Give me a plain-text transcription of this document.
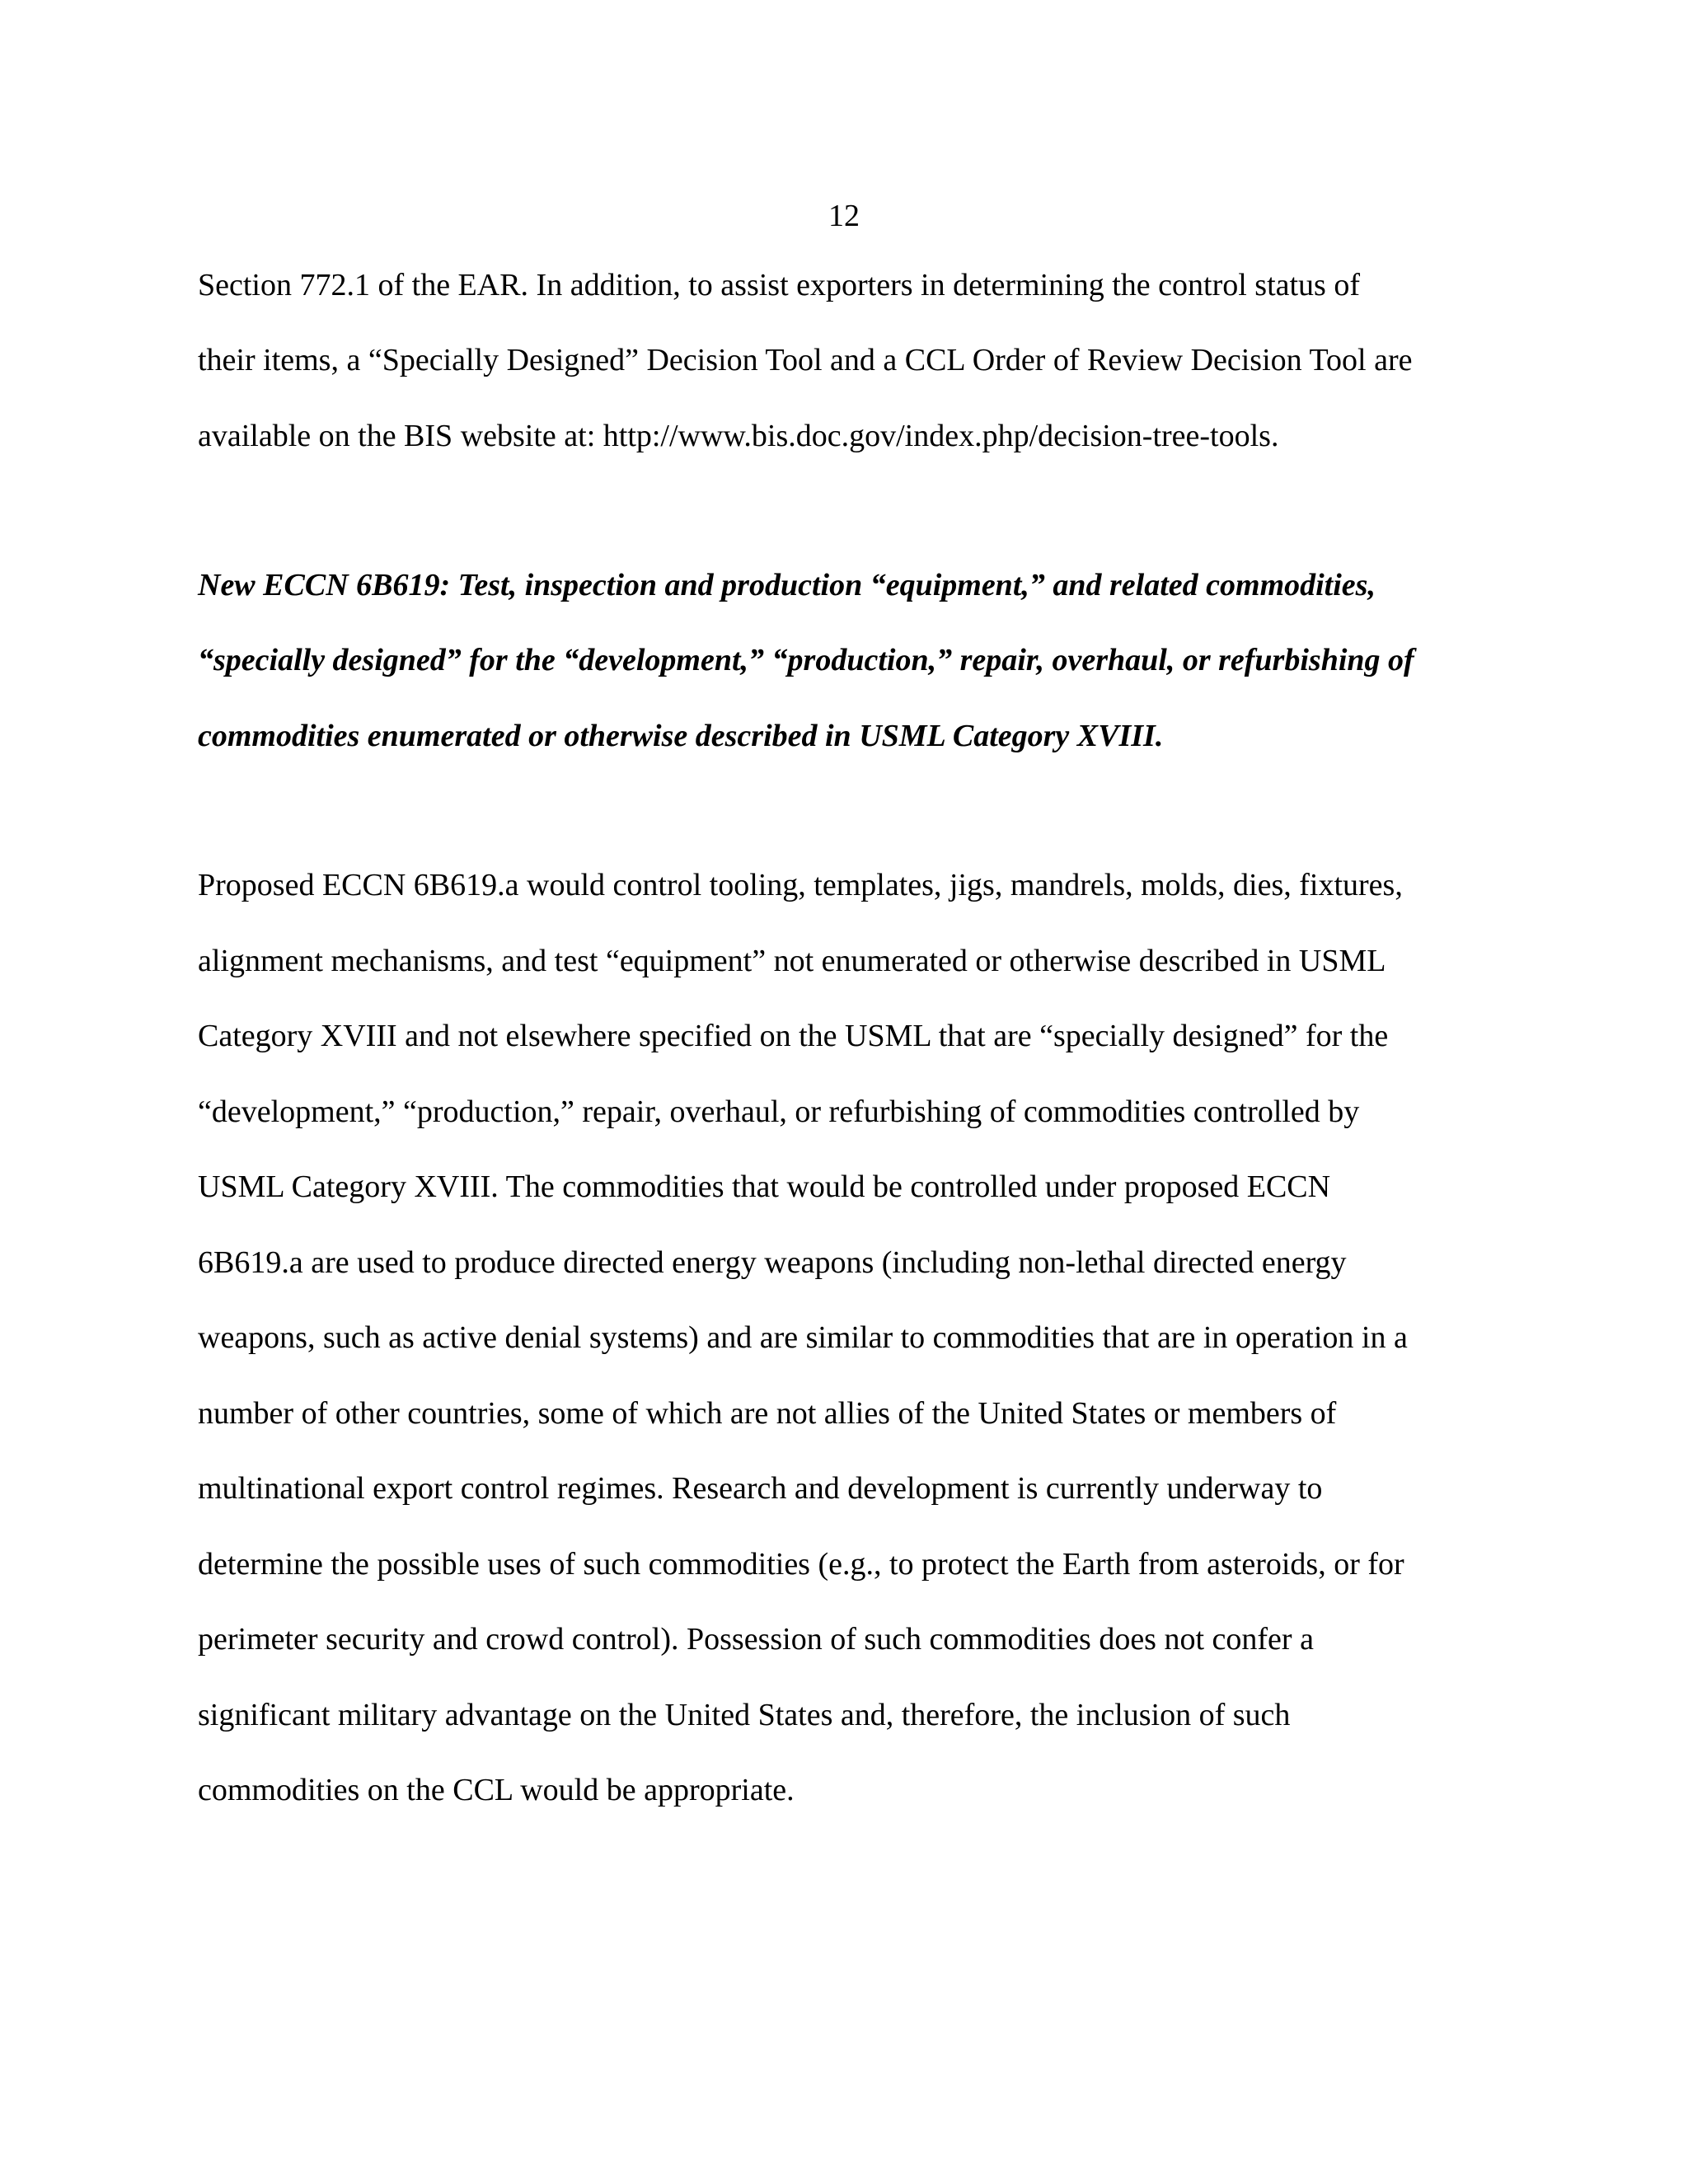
12
Section 772.1 of the EAR. In addition, to assist exporters in determining the control status of
their items, a “Specially Designed” Decision Tool and a CCL Order of Review Decision Tool are
available on the BIS website at: http://www.bis.doc.gov/index.php/decision-tree-tools.
New ECCN 6B619: Test, inspection and production “equipment,” and related commodities,
“specially designed” for the “development,” “production,” repair, overhaul, or refurbishing of
commodities enumerated or otherwise described in USML Category XVIII.
Proposed ECCN 6B619.a would control tooling, templates, jigs, mandrels, molds, dies, fixtures,
alignment mechanisms, and test “equipment” not enumerated or otherwise described in USML
Category XVIII and not elsewhere specified on the USML that are “specially designed” for the
“development,” “production,” repair, overhaul, or refurbishing of commodities controlled by
USML Category XVIII. The commodities that would be controlled under proposed ECCN
6B619.a are used to produce directed energy weapons (including non-lethal directed energy
weapons, such as active denial systems) and are similar to commodities that are in operation in a
number of other countries, some of which are not allies of the United States or members of
multinational export control regimes. Research and development is currently underway to
determine the possible uses of such commodities (e.g., to protect the Earth from asteroids, or for
perimeter security and crowd control). Possession of such commodities does not confer a
significant military advantage on the United States and, therefore, the inclusion of such
commodities on the CCL would be appropriate.
